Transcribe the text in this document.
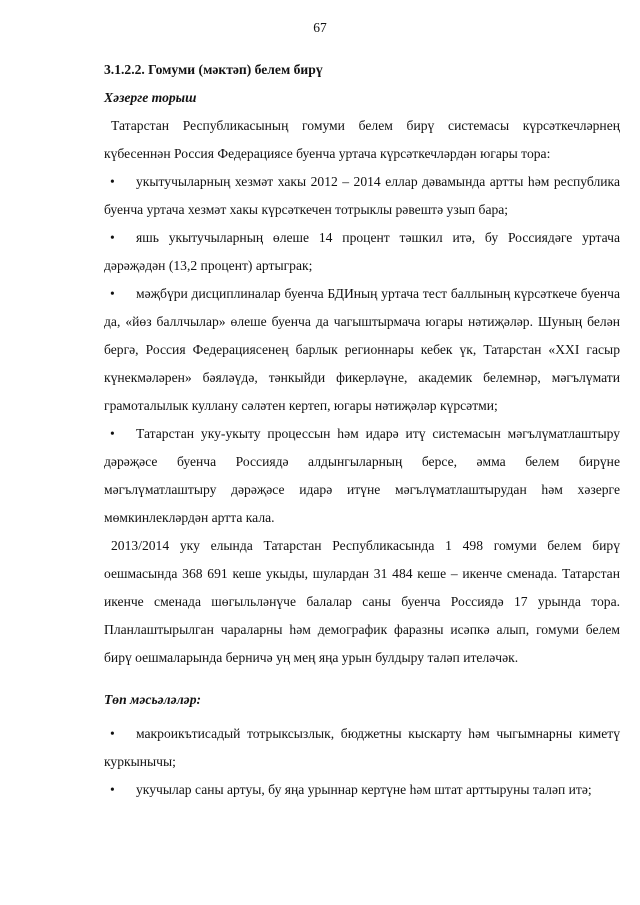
67

3.1.2.2. Гомуми (мәктәп) белем бирү

Хәзерге торыш

Татарстан Республикасының гомуми белем бирү системасы күрсәткечләрнең күбесеннән Россия Федерациясе буенча уртача күрсәткечләрдән югары тора:

• укытучыларның хезмәт хакы 2012 – 2014 еллар дәвамында артты һәм республика буенча уртача хезмәт хакы күрсәткечен тотрыклы рәвештә узып бара;

• яшь укытучыларның өлеше 14 процент тәшкил итә, бу Россиядәге уртача дәрәҗәдән (13,2 процент) артыграк;

• мәҗбүри дисциплиналар буенча БДИның уртача тест баллының күрсәткече буенча да, «йөз баллчылар» өлеше буенча да чагыштырмача югары нәтиҗәләр. Шуның белән бергә, Россия Федерациясенең барлык регионнары кебек үк, Татарстан «XXI гасыр күнекмәләрен» бәяләүдә, тәнкыйди фикерләүне, академик белемнәр, мәгълүмати грамоталылык куллану сәләтен кертеп, югары нәтиҗәләр күрсәтми;

• Татарстан уку-укыту процессын һәм идарә итү системасын мәгълүматлаштыру дәрәҗәсе буенча Россиядә алдынгыларның берсе, әмма белем бирүне мәгълүматлаштыру дәрәҗәсе идарә итүне мәгълүматлаштырудан һәм хәзерге мөмкинлекләрдән артта кала.

2013/2014 уку елында Татарстан Республикасында 1 498 гомуми белем бирү оешмасында 368 691 кеше укыды, шулардан 31 484 кеше – икенче сменада. Татарстан икенче сменада шөгыльләнүче балалар саны буенча Россиядә 17 урында тора. Планлаштырылган чараларны һәм демографик фаразны исәпкә алып, гомуми белем бирү оешмаларында берничә уң мең яңа урын булдыру таләп ителәчәк.

Төп мәсьәләләр:

• макроикътисадый тотрыксызлык, бюджетны кыскарту һәм чыгымнарны киметү куркынычы;

• укучылар саны артуы, бу яңа урыннар кертүне һәм штат арттыруны таләп итә;
